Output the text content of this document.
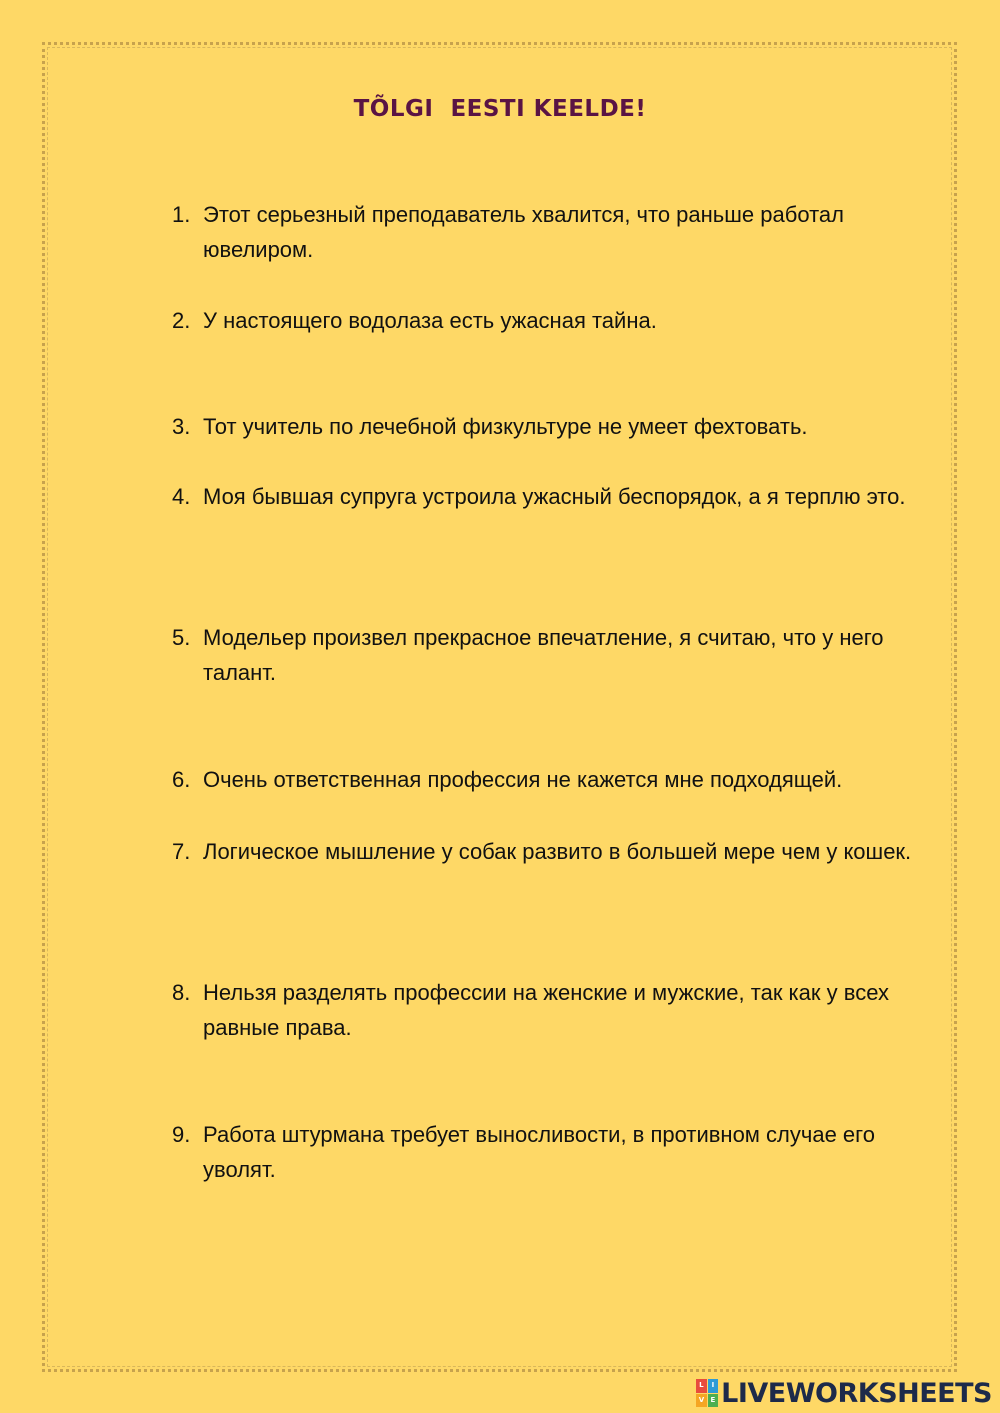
TÕLGI  EESTI KEELDE!
1. Этот серьезный преподаватель хвалится, что раньше работал ювелиром.
2. У настоящего водолаза есть ужасная тайна.
3. Тот учитель по лечебной физкультуре не умеет фехтовать.
4. Моя бывшая супруга устроила ужасный беспорядок, а я терплю это.
5. Модельер произвел прекрасное впечатление, я считаю, что у него талант.
6. Очень ответственная профессия не кажется мне подходящей.
7. Логическое мышление у собак развито в большей мере чем у кошек.
8. Нельзя разделять профессии на женские и мужские, так как у всех равные права.
9. Работа штурмана требует выносливости, в противном случае его уволят.
L	I
V E LIVEWORKSHEETS
